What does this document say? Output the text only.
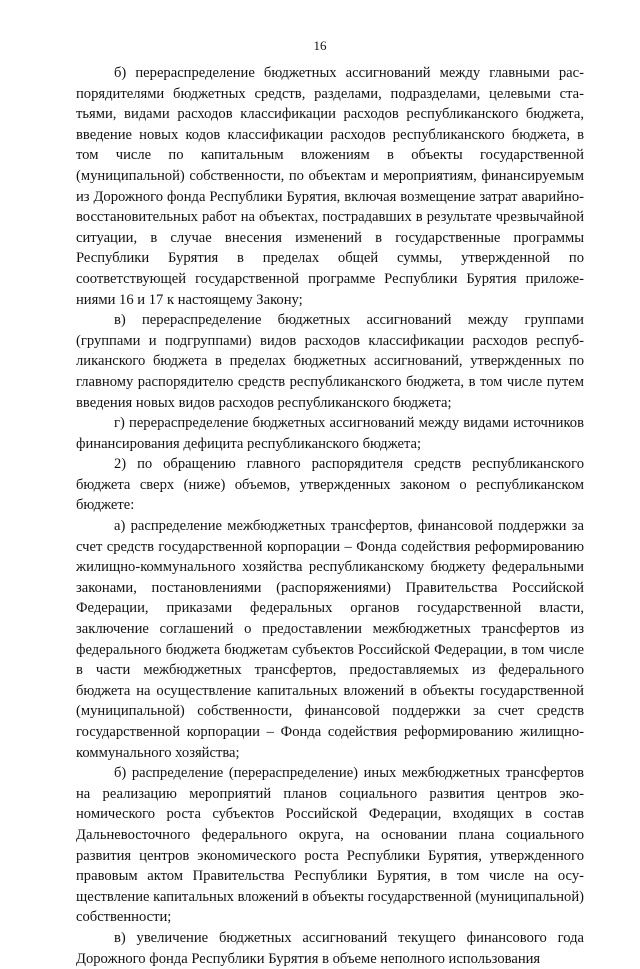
16

б) перераспределение бюджетных ассигнований между главными распорядителями бюджетных средств, разделами, подразделами, целевыми статьями, видами расходов классификации расходов республиканского бюджета, введение новых кодов классификации расходов республиканского бюджета, в том числе по капитальным вложениям в объекты государственной (муниципальной) собственности, по объектам и мероприятиям, финансируемым из Дорожного фонда Республики Бурятия, включая возмещение затрат аварийно-восстановительных работ на объектах, пострадавших в результате чрезвычайной ситуации, в случае внесения изменений в государственные программы Республики Бурятия в пределах общей суммы, утвержденной по соответствующей государственной программе Республики Бурятия приложениями 16 и 17 к настоящему Закону;

в) перераспределение бюджетных ассигнований между группами (группами и подгруппами) видов расходов классификации расходов республиканского бюджета в пределах бюджетных ассигнований, утвержденных по главному распорядителю средств республиканского бюджета, в том числе путем введения новых видов расходов республиканского бюджета;

г) перераспределение бюджетных ассигнований между видами источников финансирования дефицита республиканского бюджета;

2) по обращению главного распорядителя средств республиканского бюджета сверх (ниже) объемов, утвержденных законом о республиканском бюджете:

а) распределение межбюджетных трансфертов, финансовой поддержки за счет средств государственной корпорации – Фонда содействия реформированию жилищно-коммунального хозяйства республиканскому бюджету федеральными законами, постановлениями (распоряжениями) Правительства Российской Федерации, приказами федеральных органов государственной власти, заключение соглашений о предоставлении межбюджетных трансфертов из федерального бюджета бюджетам субъектов Российской Федерации, в том числе в части межбюджетных трансфертов, предоставляемых из федерального бюджета на осуществление капитальных вложений в объекты государственной (муниципальной) собственности, финансовой поддержки за счет средств государственной корпорации – Фонда содействия реформированию жилищно-коммунального хозяйства;

б) распределение (перераспределение) иных межбюджетных трансфертов на реализацию мероприятий планов социального развития центров экономического роста субъектов Российской Федерации, входящих в состав Дальневосточного федерального округа, на основании плана социального развития центров экономического роста Республики Бурятия, утвержденного правовым актом Правительства Республики Бурятия, в том числе на осуществление капитальных вложений в объекты государственной (муниципальной) собственности;

в) увеличение бюджетных ассигнований текущего финансового года Дорожного фонда Республики Бурятия в объеме неполного использования
